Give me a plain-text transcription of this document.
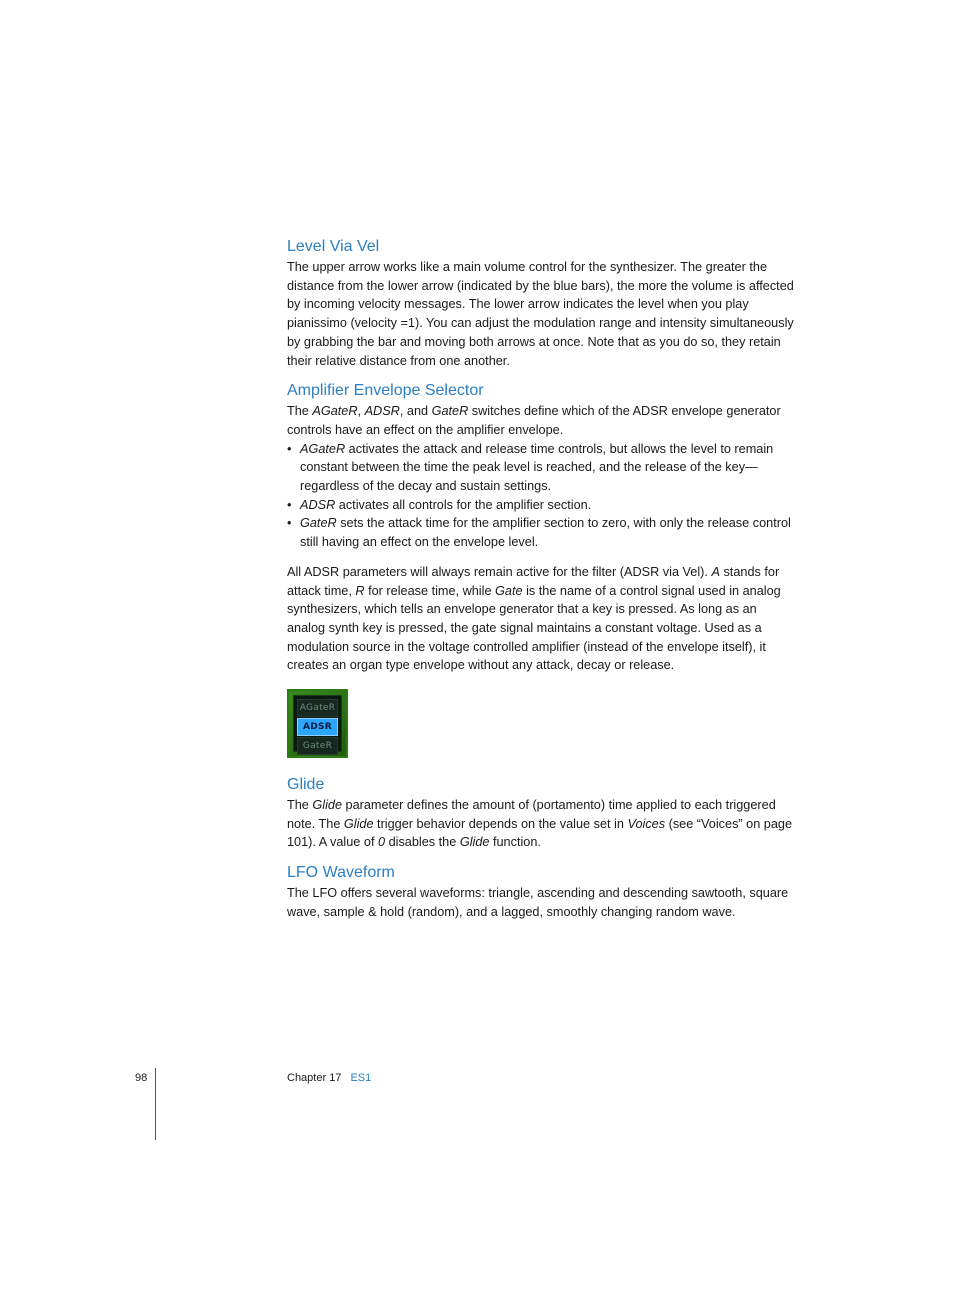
Level Via Vel

The upper arrow works like a main volume control for the synthesizer. The greater the distance from the lower arrow (indicated by the blue bars), the more the volume is affected by incoming velocity messages. The lower arrow indicates the level when you play pianissimo (velocity =1). You can adjust the modulation range and intensity simultaneously by grabbing the bar and moving both arrows at once. Note that as you do so, they retain their relative distance from one another.

Amplifier Envelope Selector

The AGateR, ADSR, and GateR switches define which of the ADSR envelope generator controls have an effect on the amplifier envelope.

• AGateR activates the attack and release time controls, but allows the level to remain constant between the time the peak level is reached, and the release of the key—regardless of the decay and sustain settings.
• ADSR activates all controls for the amplifier section.
• GateR sets the attack time for the amplifier section to zero, with only the release control still having an effect on the envelope level.

All ADSR parameters will always remain active for the filter (ADSR via Vel). A stands for attack time, R for release time, while Gate is the name of a control signal used in analog synthesizers, which tells an envelope generator that a key is pressed. As long as an analog synth key is pressed, the gate signal maintains a constant voltage. Used as a modulation source in the voltage controlled amplifier (instead of the envelope itself), it creates an organ type envelope without any attack, decay or release.

AGateR
ADSR
GateR
Glide

The Glide parameter defines the amount of (portamento) time applied to each triggered note. The Glide trigger behavior depends on the value set in Voices (see “Voices” on page 101). A value of 0 disables the Glide function.

LFO Waveform

The LFO offers several waveforms: triangle, ascending and descending sawtooth, square wave, sample & hold (random), and a lagged, smoothly changing random wave.

98	Chapter 17 ES1
